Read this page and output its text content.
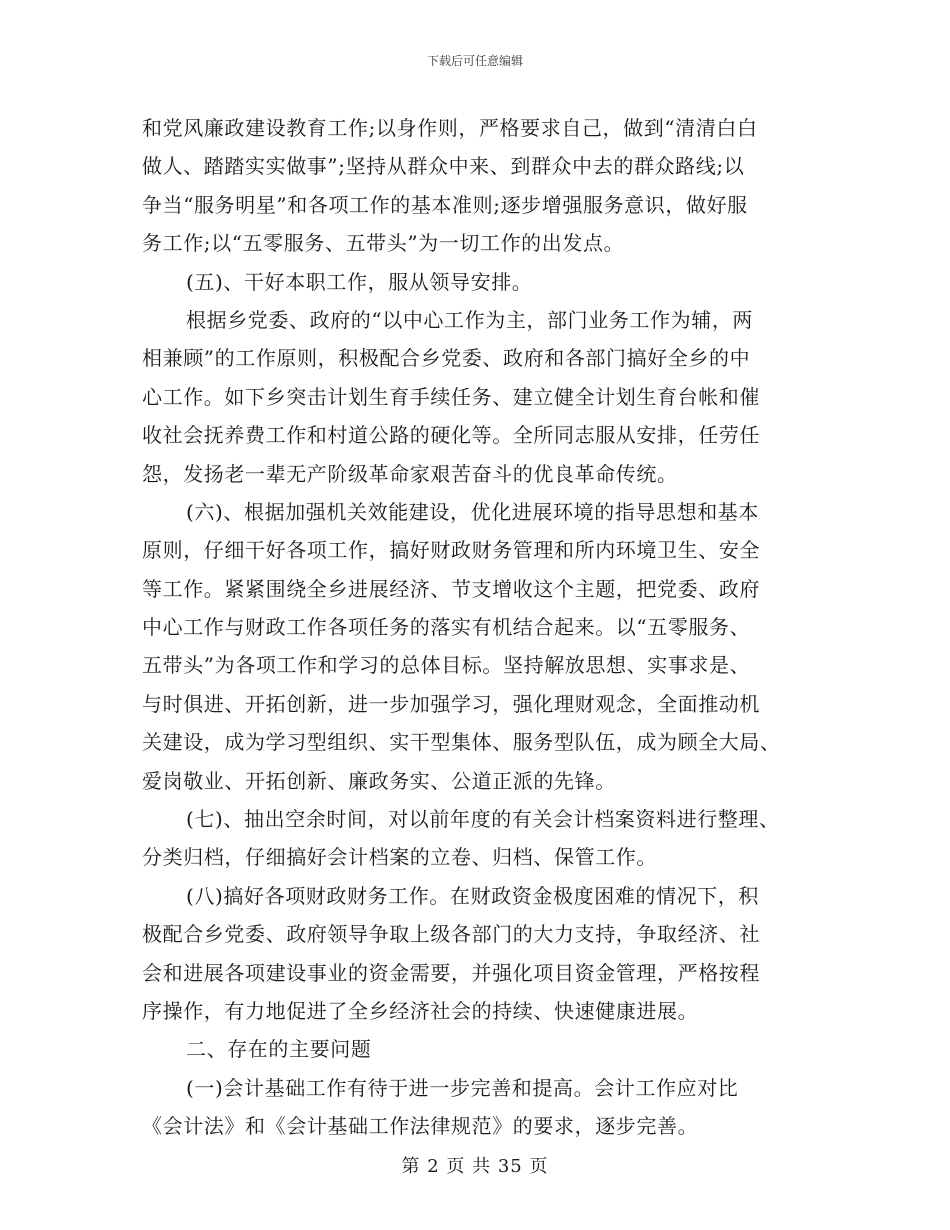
下载后可任意编辑
和党风廉政建设教育工作;以身作则，严格要求自己，做到“清清白白
做人、踏踏实实做事”;坚持从群众中来、到群众中去的群众路线;以
争当“服务明星”和各项工作的基本准则;逐步增强服务意识，做好服
务工作;以“五零服务、五带头”为一切工作的出发点。
(五)、干好本职工作，服从领导安排。
根据乡党委、政府的“以中心工作为主，部门业务工作为辅，两
相兼顾”的工作原则，积极配合乡党委、政府和各部门搞好全乡的中
心工作。如下乡突击计划生育手续任务、建立健全计划生育台帐和催
收社会抚养费工作和村道公路的硬化等。全所同志服从安排，任劳任
怨，发扬老一辈无产阶级革命家艰苦奋斗的优良革命传统。
(六)、根据加强机关效能建设，优化进展环境的指导思想和基本
原则，仔细干好各项工作，搞好财政财务管理和所内环境卫生、安全
等工作。紧紧围绕全乡进展经济、节支增收这个主题，把党委、政府
中心工作与财政工作各项任务的落实有机结合起来。以“五零服务、
五带头”为各项工作和学习的总体目标。坚持解放思想、实事求是、
与时俱进、开拓创新，进一步加强学习，强化理财观念，全面推动机
关建设，成为学习型组织、实干型集体、服务型队伍，成为顾全大局、
爱岗敬业、开拓创新、廉政务实、公道正派的先锋。
(七)、抽出空余时间，对以前年度的有关会计档案资料进行整理、
分类归档，仔细搞好会计档案的立卷、归档、保管工作。
(八)搞好各项财政财务工作。在财政资金极度困难的情况下，积
极配合乡党委、政府领导争取上级各部门的大力支持，争取经济、社
会和进展各项建设事业的资金需要，并强化项目资金管理，严格按程
序操作，有力地促进了全乡经济社会的持续、快速健康进展。
二、存在的主要问题
(一)会计基础工作有待于进一步完善和提高。会计工作应对比
《会计法》和《会计基础工作法律规范》的要求，逐步完善。
第 2 页 共 35 页
